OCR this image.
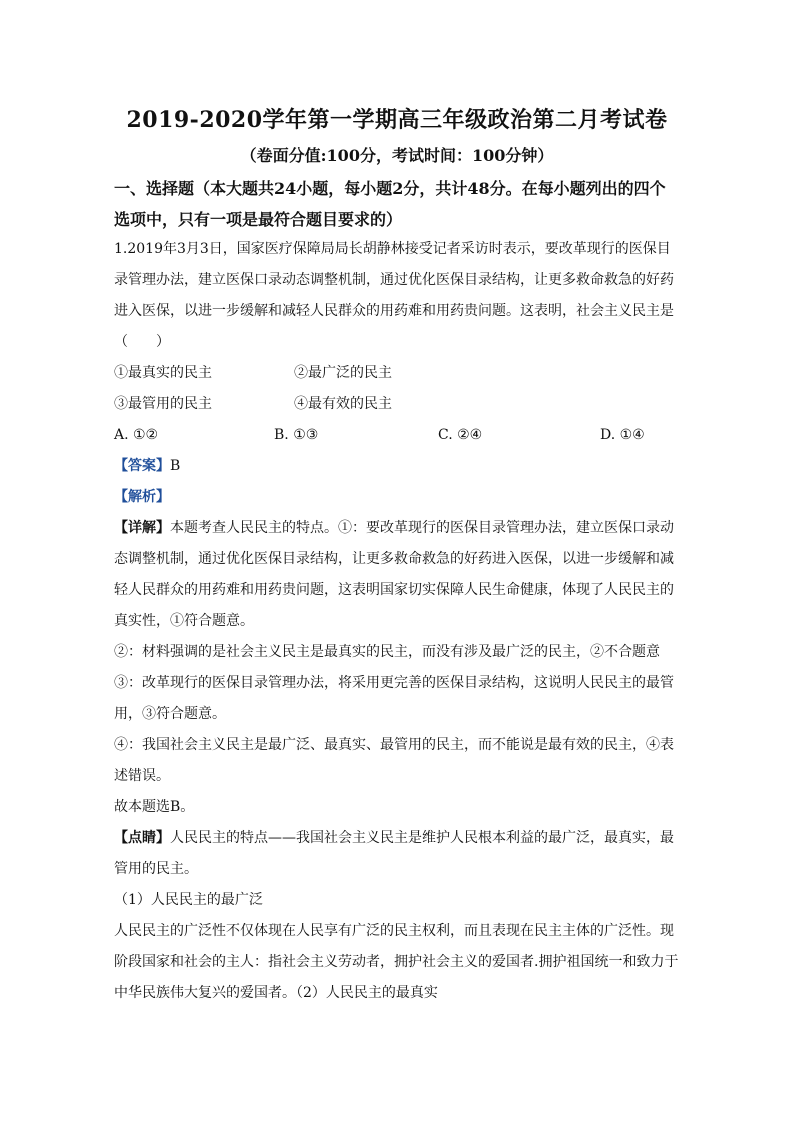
2019-2020学年第一学期高三年级政治第二月考试卷
（卷面分值:100分，考试时间：100分钟）
一、选择题（本大题共24小题，每小题2分，共计48分。在每小题列出的四个
选项中，只有一项是最符合题目要求的）
1.2019年3月3日，国家医疗保障局局长胡静林接受记者采访时表示，要改革现行的医保目
录管理办法，建立医保口录动态调整机制，通过优化医保目录结构，让更多救命救急的好药
进入医保，以进一步缓解和减轻人民群众的用药难和用药贵问题。这表明，社会主义民主是
（　　）
①最真实的民主	②最广泛的民主
③最管用的民主	④最有效的民主
A. ①②	B. ①③	C. ②④	D. ①④
【答案】B
【解析】
【详解】本题考查人民民主的特点。①：要改革现行的医保目录管理办法，建立医保口录动
态调整机制，通过优化医保目录结构，让更多救命救急的好药进入医保，以进一步缓解和减
轻人民群众的用药难和用药贵问题，这表明国家切实保障人民生命健康，体现了人民民主的
真实性，①符合题意。
②：材料强调的是社会主义民主是最真实的民主，而没有涉及最广泛的民主，②不合题意
③：改革现行的医保目录管理办法，将采用更完善的医保目录结构，这说明人民民主的最管
用，③符合题意。
④：我国社会主义民主是最广泛、最真实、最管用的民主，而不能说是最有效的民主，④表
述错误。
故本题选B。
【点睛】人民民主的特点——我国社会主义民主是维护人民根本利益的最广泛，最真实，最
管用的民主。
（1）人民民主的最广泛
人民民主的广泛性不仅体现在人民享有广泛的民主权利，而且表现在民主主体的广泛性。现
阶段国家和社会的主人：指社会主义劳动者，拥护社会主义的爱国者.拥护祖国统一和致力于
中华民族伟大复兴的爱国者。（2）人民民主的最真实
